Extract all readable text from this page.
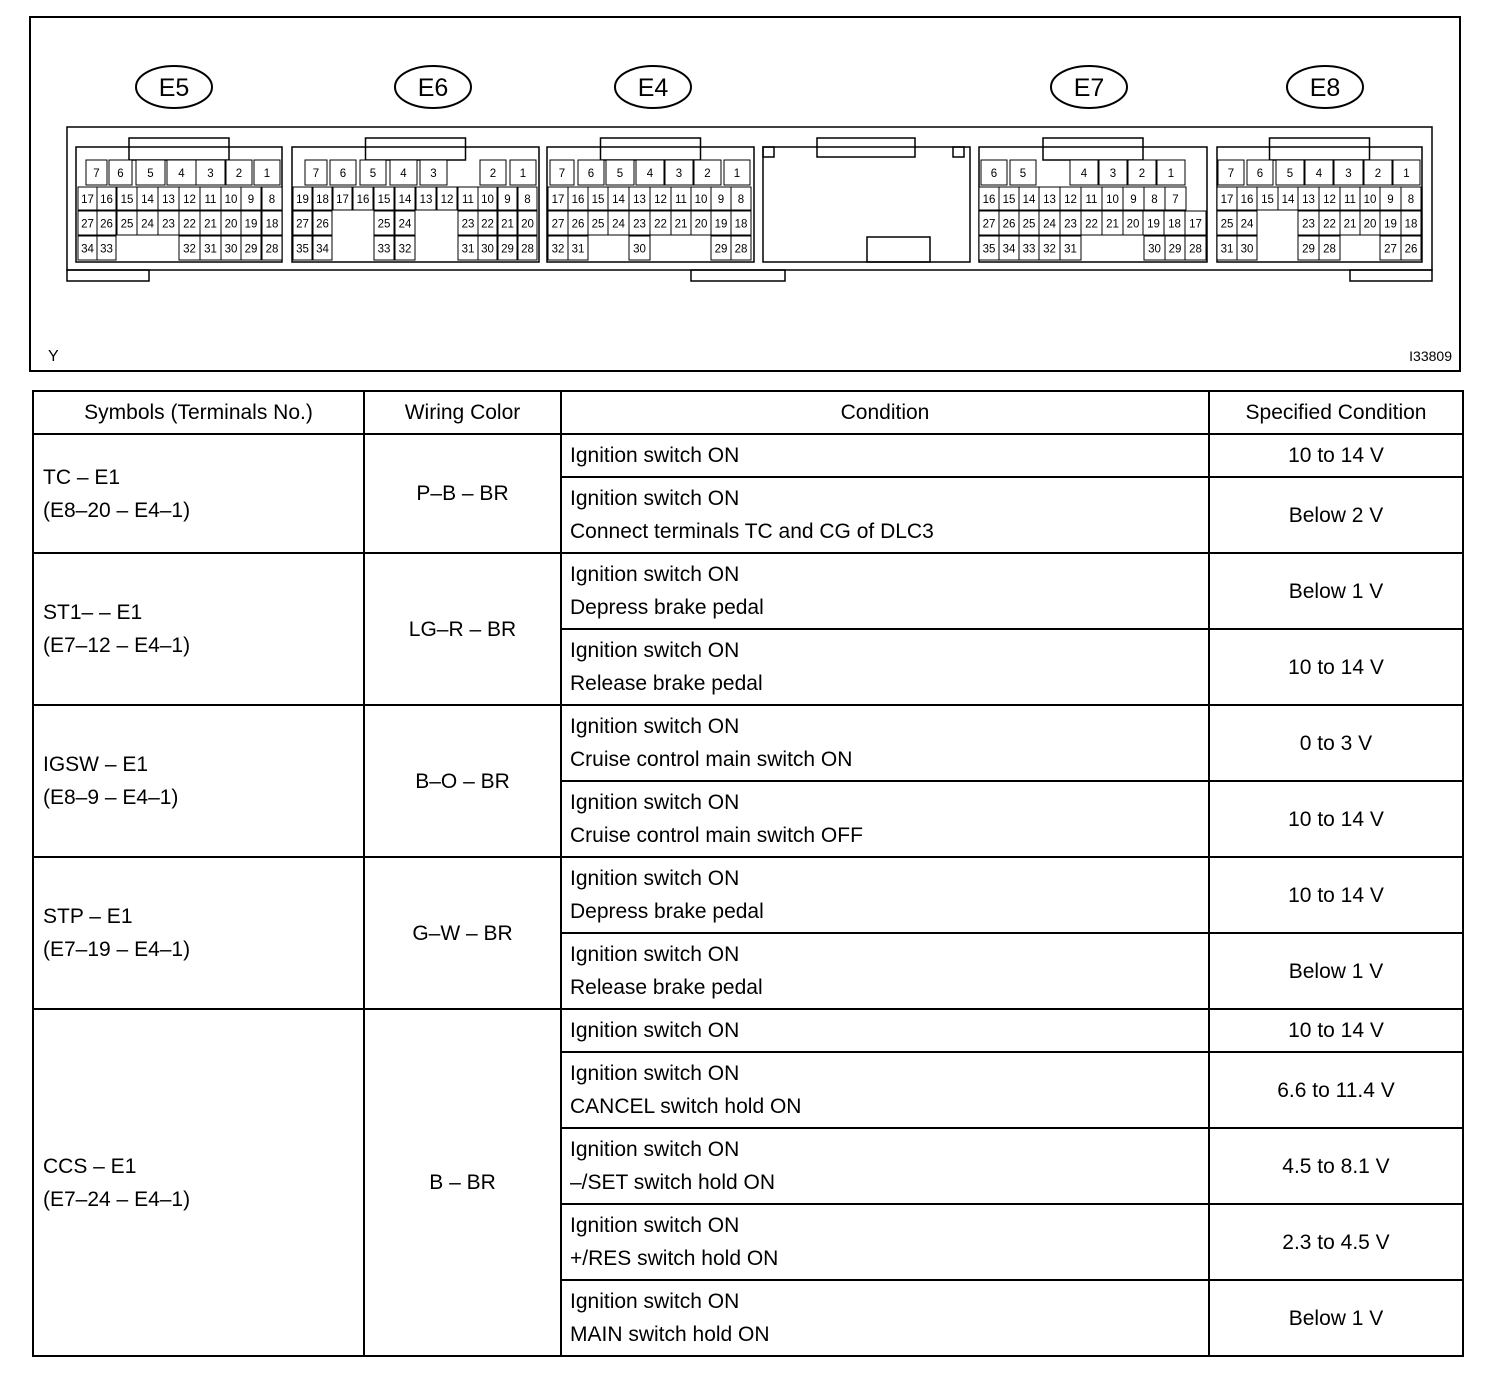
E5
7 6 5 4 3 2 1
17 16 15 14 13 12 11 10 9 8
27 26 25 24 23 22 21 20 19 18
34 33	32 31 30 29 28
E6
7 6 5 4 3	2 1
19 18 17 16 15 14 13 12 11 10 9 8
27 26	25 24	23 22 21 20
35 34	33 32	31 30 29 28
E4
7 6 5 4 3 2 1
17 16 15 14 13 12 11 10 9 8
27 26 25 24 23 22 21 20 19 18
32 31	30	29 28
E7
6 5	4 3 2 1
16 15 14 13 12 11 10 9 8 7
27 26 25 24 23 22 21 20 19 18 17
35 34 33 32 31	30 29 28
E8
7 6 5 4 3 2 1
17 16 15 14 13 12 11 10 9 8
25 24	23 22 21 20 19 18
31 30	29 28	27 26
Y	I33809
Symbols (Terminals No.)	Wiring Color	Condition	Specified Condition

TC – E1
(E8–20 – E4–1)	P–B – BR	Ignition switch ON	10 to 14 V

		Ignition switch ON
Connect terminals TC and CG of DLC3	Below 2 V

ST1– – E1
(E7–12 – E4–1)	LG–R – BR	Ignition switch ON
Depress brake pedal	Below 1 V

		Ignition switch ON
Release brake pedal	10 to 14 V

IGSW – E1
(E8–9 – E4–1)	B–O – BR	Ignition switch ON
Cruise control main switch ON	0 to 3 V

		Ignition switch ON
Cruise control main switch OFF	10 to 14 V

STP – E1
(E7–19 – E4–1)	G–W – BR	Ignition switch ON
Depress brake pedal	10 to 14 V

		Ignition switch ON
Release brake pedal	Below 1 V

CCS – E1
(E7–24 – E4–1)	B – BR	Ignition switch ON	10 to 14 V

		Ignition switch ON
CANCEL switch hold ON	6.6 to 11.4 V

		Ignition switch ON
–/SET switch hold ON	4.5 to 8.1 V

		Ignition switch ON
+/RES switch hold ON	2.3 to 4.5 V

		Ignition switch ON
MAIN switch hold ON	Below 1 V
